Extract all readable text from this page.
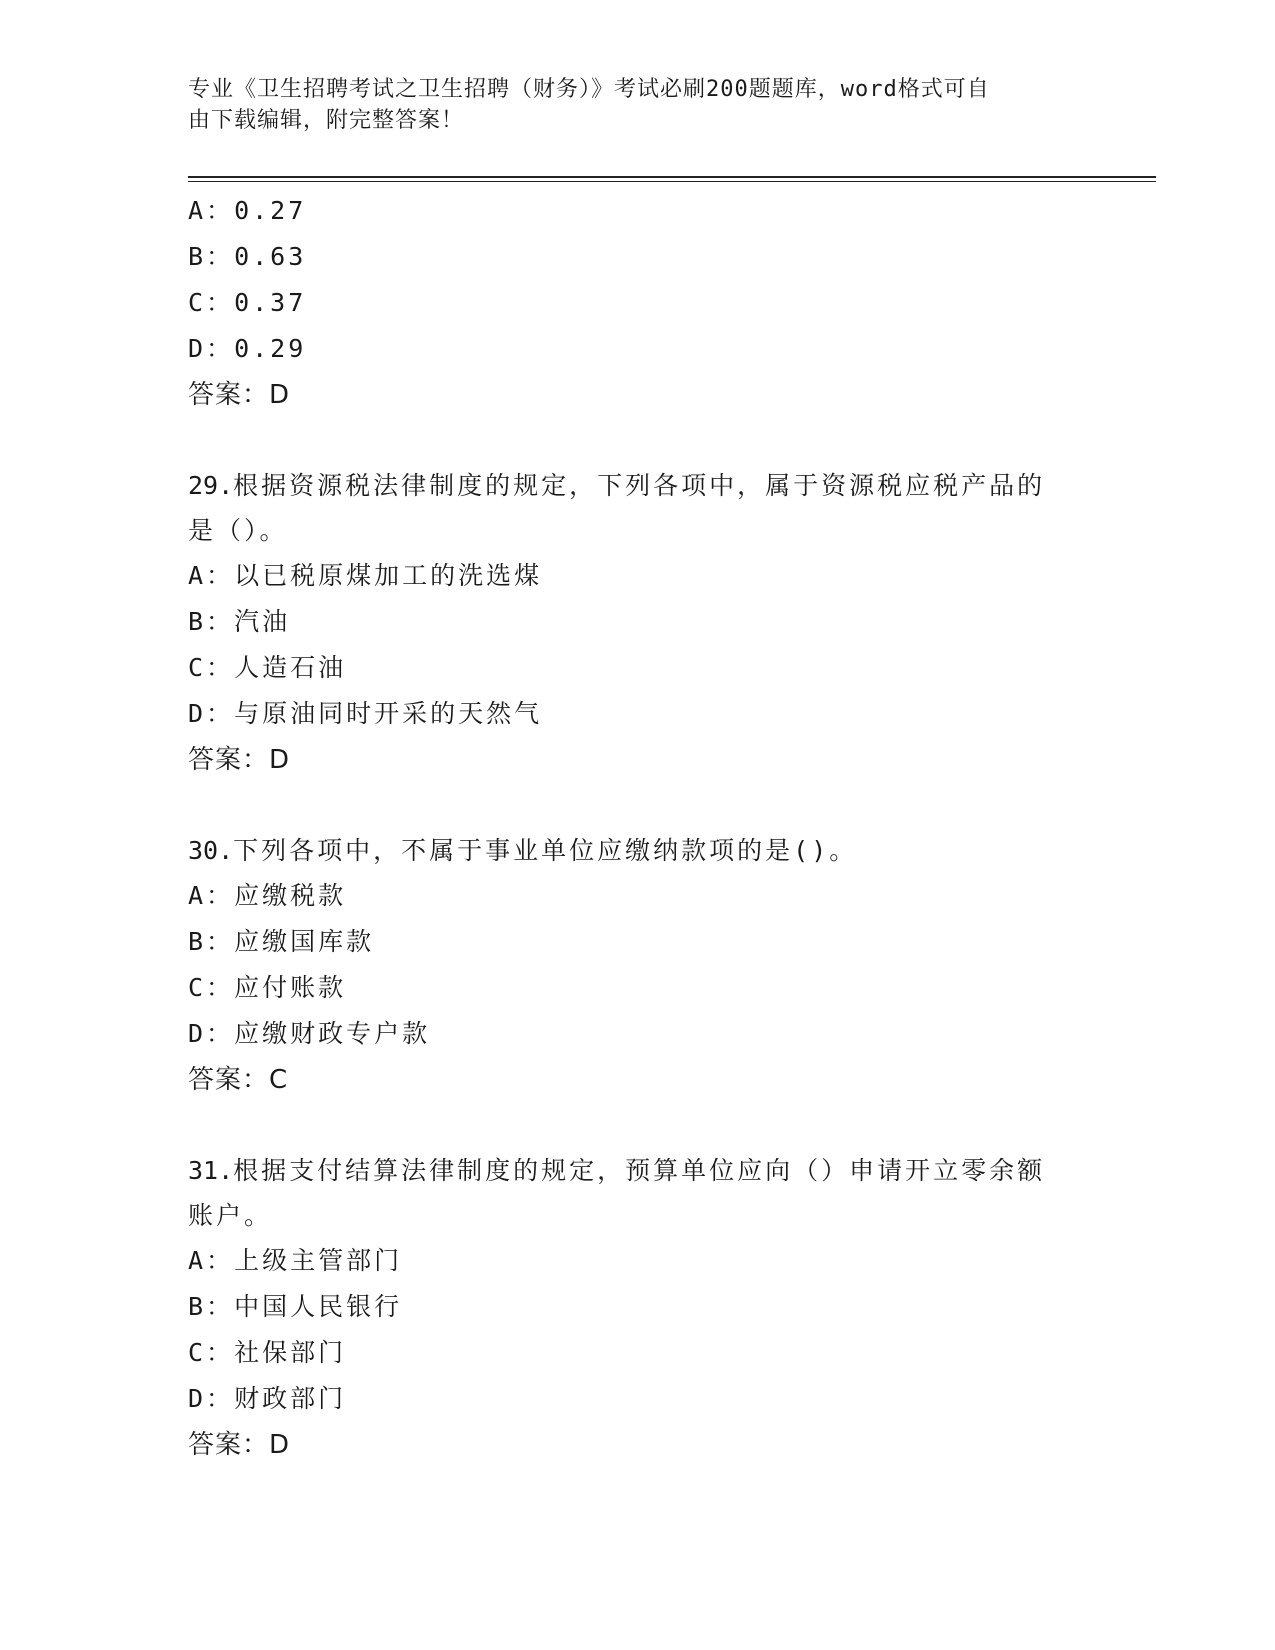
专业《卫生招聘考试之卫生招聘（财务）》考试必刷200题题库，word格式可自
由下载编辑，附完整答案！
A：0.27
B：0.63
C：0.37
D：0.29
答案：D
29.根据资源税法律制度的规定，下列各项中，属于资源税应税产品的
是（）。
A：以已税原煤加工的洗选煤
B：汽油
C：人造石油
D：与原油同时开采的天然气
答案：D
30.下列各项中，不属于事业单位应缴纳款项的是()。
A：应缴税款
B：应缴国库款
C：应付账款
D：应缴财政专户款
答案：C
31.根据支付结算法律制度的规定，预算单位应向（）申请开立零余额
账户。
A：上级主管部门
B：中国人民银行
C：社保部门
D：财政部门
答案：D
